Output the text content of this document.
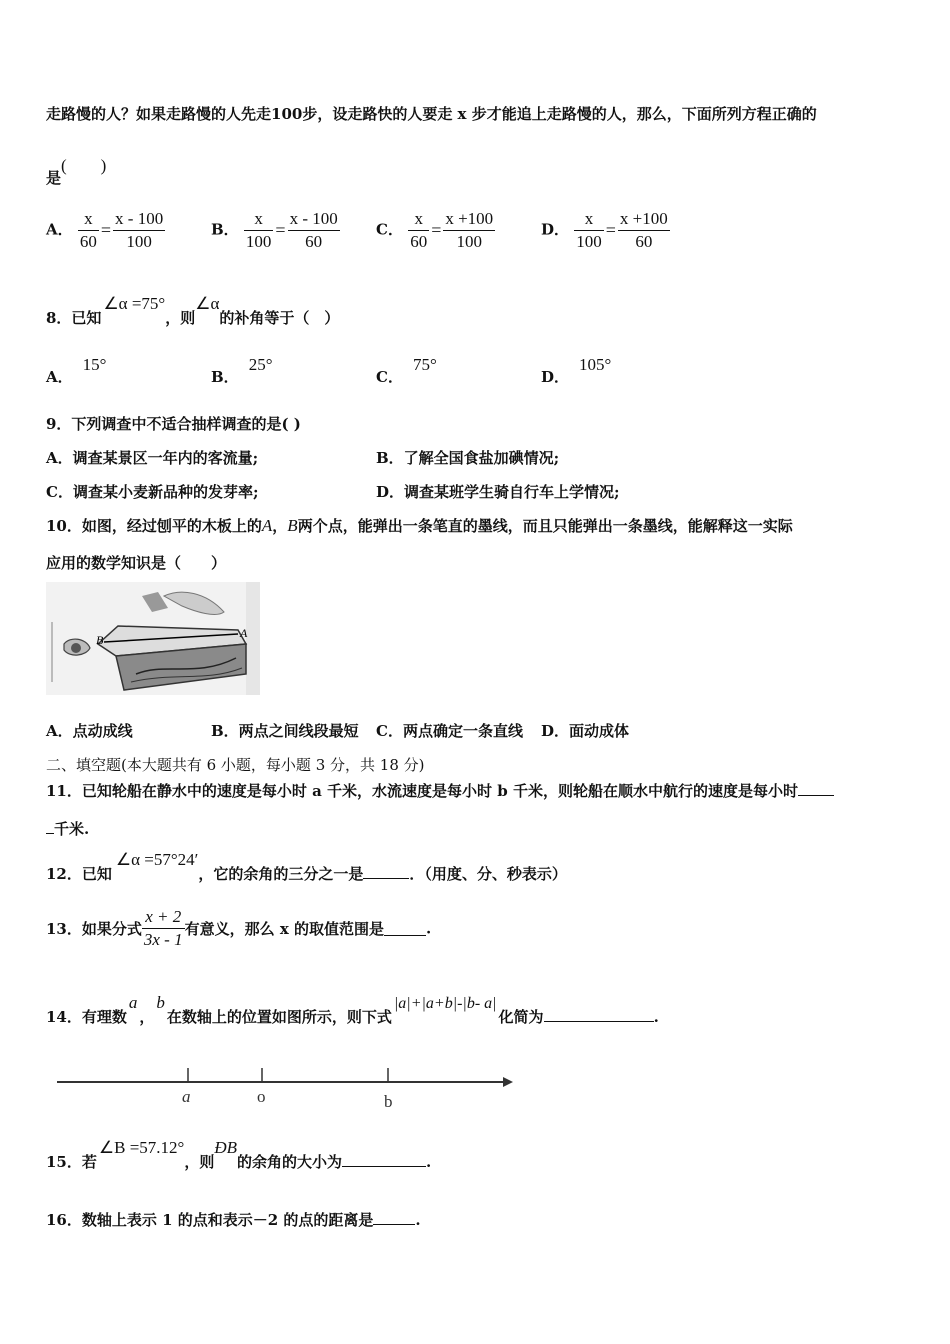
走路慢的人？如果走路慢的人先走100步，设走路快的人要走 x 步才能追上走路慢的人，那么，下面所列方程正确的
是(　　)
A． $\frac{x}{60} = \frac{x - 100}{100}$	B． $\frac{x}{100} = \frac{x - 100}{60}$ C． $\frac{x}{60} = \frac{x +100}{100}$	D． $\frac{x}{100} = \frac{x +100}{60}$
8．已知∠α =75°，则∠α的补角等于（　）
A．15°
B．25°
C．75°
D．105°
9．下列调查中不适合抽样调查的是( )
A．调查某景区一年内的客流量;	B．了解全国食盐加碘情况;
C．调查某小麦新品种的发芽率;	D．调查某班学生骑自行车上学情况;
10．如图，经过刨平的木板上的A，B两个点，能弹出一条笔直的墨线，而且只能弹出一条墨线，能解释这一实际
应用的数学知识是（　　）
B	A
A．点动成线	B．两点之间线段最短 C．两点确定一条直线 D．面动成体
二、填空题(本大题共有 6 小题，每小题 3 分，共 18 分)
11．已知轮船在静水中的速度是每小时 a 千米，水流速度是每小时 b 千米，则轮船在顺水中航行的速度是每小时
千米.
12．已知∠α =57°24′，它的余角的三分之一是	．（用度、分、秒表示）
13．如果分式 $\frac{x + 2}{3x - 1}$ 有意义，那么 x 的取值范围是	.
14．有理数a，b在数轴上的位置如图所示，则下式|a|+|a+b|-|b- a|化简为	.
a	o	b
15．若∠B =57.12°，则ÐB的余角的大小为	.
16．数轴上表示 1 的点和表示－2 的点的距离是	.
